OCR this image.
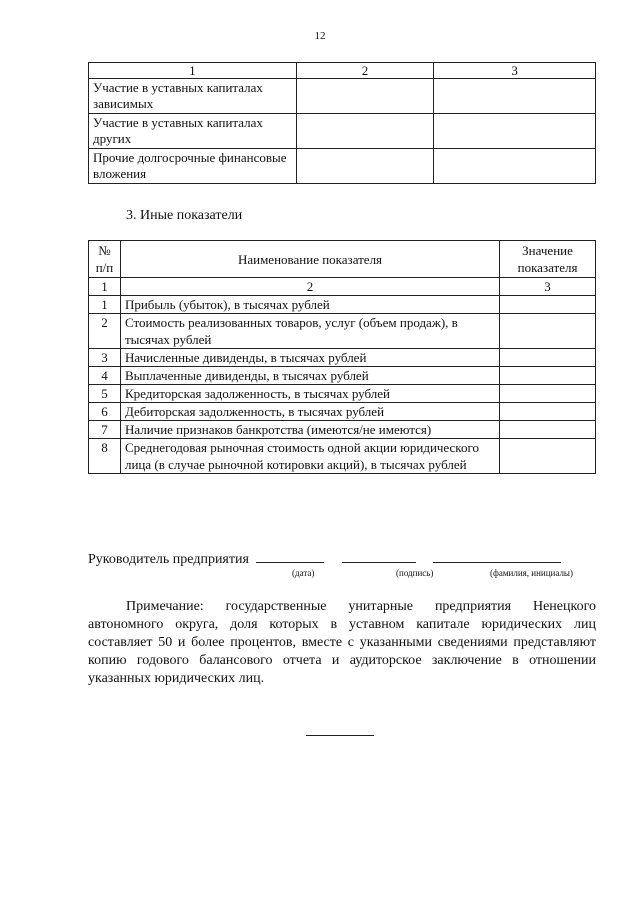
12
1	2	3
Участие в уставных капиталах зависимых		
Участие в уставных капиталах других		
Прочие долгосрочные финансовые вложения		
3. Иные показатели
№ п/п	Наименование показателя	Значение показателя
1	2	3
1	Прибыль (убыток), в тысячах рублей	
2	Стоимость реализованных товаров, услуг (объем продаж), в тысячах рублей	
3	Начисленные дивиденды, в тысячах рублей	
4	Выплаченные дивиденды, в тысячах рублей	
5	Кредиторская задолженность, в тысячах рублей	
6	Дебиторская задолженность, в тысячах рублей	
7	Наличие признаков банкротства (имеются/не имеются)	
8	Среднегодовая рыночная стоимость одной акции юридического лица (в случае рыночной котировки акций), в тысячах рублей	
Руководитель предприятия
(дата)	(подпись)	(фамилия, инициалы)
Примечание: государственные унитарные предприятия Ненецкого автономного округа, доля которых в уставном капитале юридических лиц составляет 50 и более процентов, вместе с указанными сведениями представляют копию годового балансового отчета и аудиторское заключение в отношении указанных юридических лиц.
